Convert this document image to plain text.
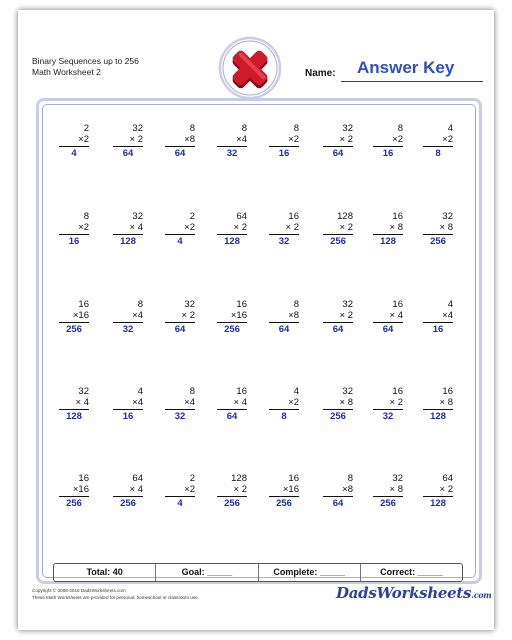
Binary Sequences up to 256
Math Worksheet 2	Name: Answer Key
2
×2
4
32
× 2
64
8
×8
64
8
×4
32
8
×2
16
32
× 2
64
8
×2
16
4
×2
8
8
×2
16
32
× 4
128
2
×2
4
64
× 2
128
16
× 2
32
128
× 2
256
16
× 8
128
32
× 8
256
16
×16
256
8
×4
32
32
× 2
64
16
×16
256
8
×8
64
32
× 2
64
16
× 4
64
4
×4
16
32
× 4
128
4
×4
16
8
×4
32
16
× 4
64
4
×2
8
32
× 8
256
16
× 2
32
16
× 8
128
16
×16
256
64
× 4
256
2
×2
4
128
× 2
256
16
×16
256
8
×8
64
32
× 8
256
64
× 2
128
Total: 40	Goal: _____	Complete: _____	Correct: _____
Copyright © 2008-2018 DadsWorksheets.com
These Math Worksheets are provided for personal, homeschool or classroom use.	DadsWorksheets.com
